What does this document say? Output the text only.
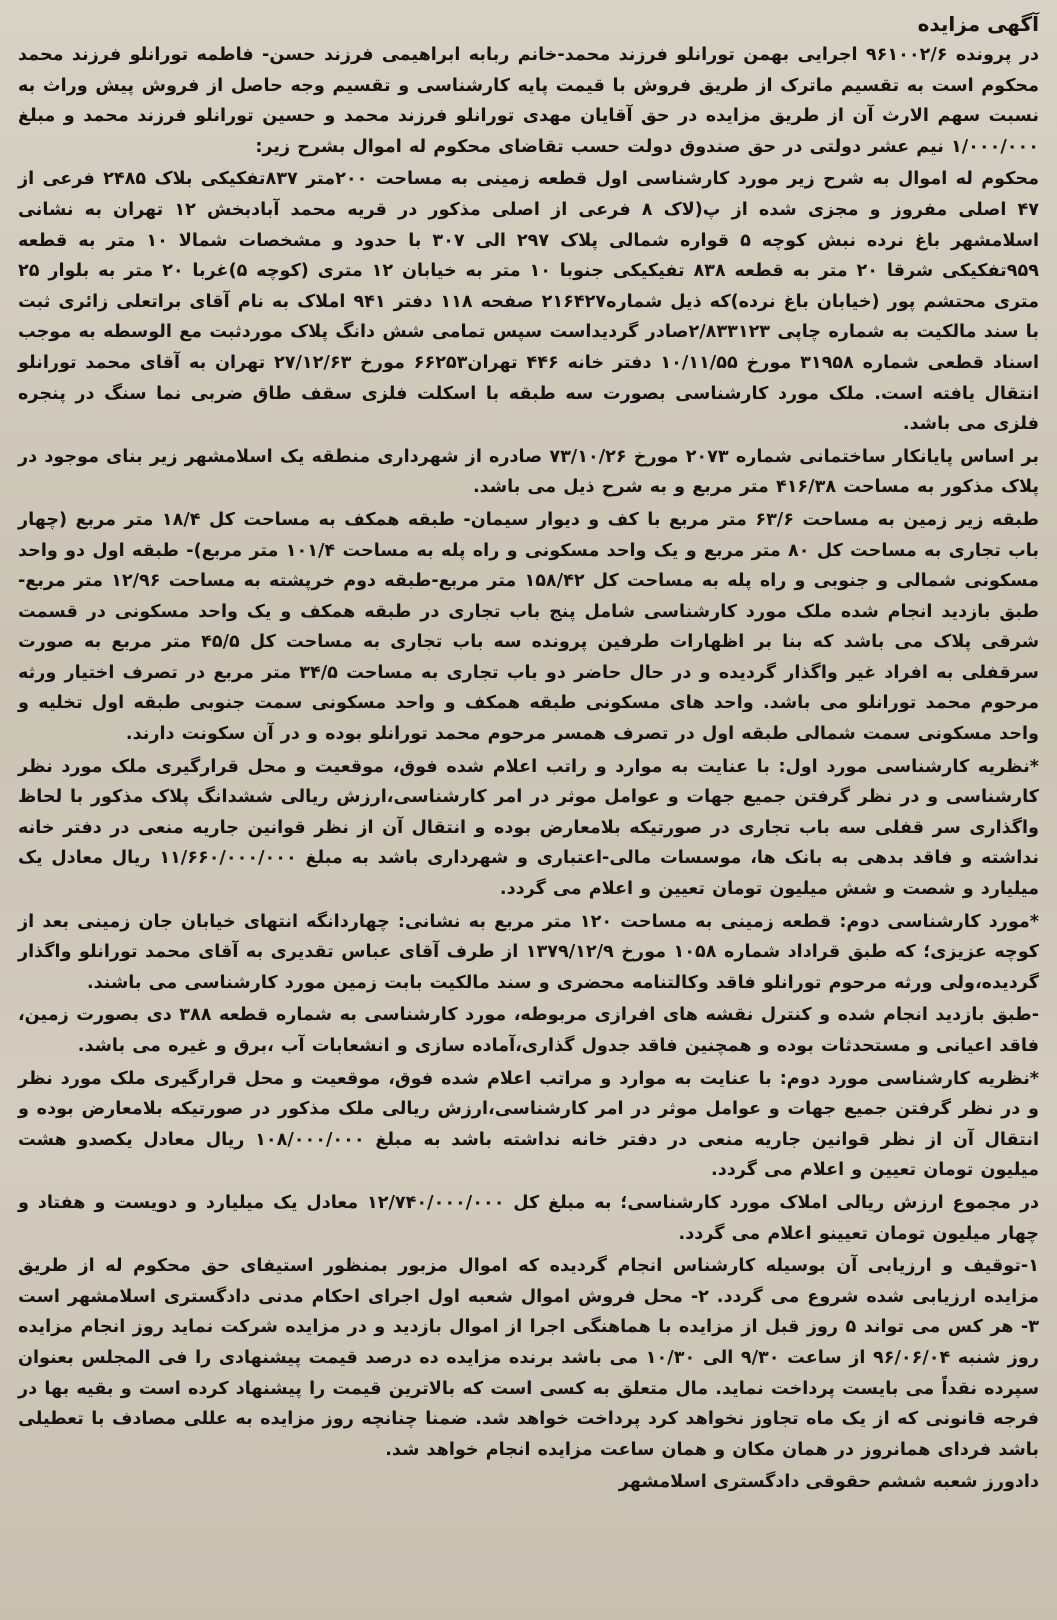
آگهی مزایده

در پرونده ۹۶۱۰۰۲/۶ اجرایی بهمن تورانلو فرزند محمد-خانم ربابه ابراهیمی فرزند حسن- فاطمه تورانلو فرزند محمد محکوم است به تقسیم ماترک از طریق فروش با قیمت پایه کارشناسی و تقسیم وجه حاصل از فروش پیش وراث به نسبت سهم الارث آن از طریق مزایده در حق آقایان مهدی تورانلو فرزند محمد و حسین تورانلو فرزند محمد و مبلغ ۱/۰۰۰/۰۰۰ نیم عشر دولتی در حق صندوق دولت حسب تقاضای محکوم له اموال بشرح زیر:

محکوم له اموال به شرح زیر مورد کارشناسی اول قطعه زمینی به مساحت ۲۰۰متر ۸۳۷تفکیکی بلاک ۲۴۸۵ فرعی از ۴۷ اصلی مفروز و مجزی شده از پ(لاک ۸ فرعی از اصلی مذکور در قریه محمد آبادبخش ۱۲ تهران به نشانی اسلامشهر باغ نرده نبش کوچه ۵ قواره شمالی پلاک ۲۹۷ الی ۳۰۷ با حدود و مشخصات شمالا ۱۰ متر به قطعه ۹۵۹تفکیکی شرقا ۲۰ متر به قطعه ۸۳۸ تفیکیکی جنوبا ۱۰ متر به خیابان ۱۲ متری (کوچه ۵)غربا ۲۰ متر به بلوار ۲۵ متری محتشم پور (خیابان باغ نرده)که ذیل شماره۲۱۶۴۲۷ صفحه ۱۱۸ دفتر ۹۴۱ املاک به نام آقای براتعلی زائری ثبت با سند مالکیت به شماره چاپی ۲/۸۳۳۱۲۳صادر گردیداست سپس تمامی شش دانگ پلاک موردثبت مع الوسطه به موجب اسناد قطعی شماره ۳۱۹۵۸ مورخ ۱۰/۱۱/۵۵ دفتر خانه ۴۴۶ تهران۶۶۲۵۳ مورخ ۲۷/۱۲/۶۳ تهران به آقای محمد تورانلو انتقال یافته است. ملک مورد کارشناسی بصورت سه طبقه با اسکلت فلزی سقف طاق ضربی نما سنگ در پنجره فلزی می باشد.

بر اساس پایانکار ساختمانی شماره ۲۰۷۳ مورخ ۷۳/۱۰/۲۶ صادره از شهرداری منطقه یک اسلامشهر زیر بنای موجود در پلاک مذکور به مساحت ۴۱۶/۳۸ متر مربع و به شرح ذیل می باشد.

طبقه زیر زمین به مساحت ۶۳/۶ متر مربع با کف و دیوار سیمان- طبقه همکف به مساحت کل ۱۸/۴ متر مربع (چهار باب تجاری به مساحت کل ۸۰ متر مربع و یک واحد مسکونی و راه پله به مساحت ۱۰۱/۴ متر مربع)- طبقه اول دو واحد مسکونی شمالی و جنوبی و راه پله به مساحت کل ۱۵۸/۴۲ متر مربع-طبقه دوم خرپشته به مساحت ۱۲/۹۶ متر مربع-طبق بازدید انجام شده ملک مورد کارشناسی شامل پنج باب تجاری در طبقه همکف و یک واحد مسکونی در قسمت شرقی پلاک می باشد که بنا بر اظهارات طرفین پرونده سه باب تجاری به مساحت کل ۴۵/۵ متر مربع به صورت سرقفلی به افراد غیر واگذار گردیده و در حال حاضر دو باب تجاری به مساحت ۳۴/۵ متر مربع در تصرف اختیار ورثه مرحوم محمد تورانلو می باشد. واحد های مسکونی طبقه همکف و واحد مسکونی سمت جنوبی طبقه اول تخلیه و واحد مسکونی سمت شمالی طبقه اول در تصرف همسر مرحوم محمد تورانلو بوده و در آن سکونت دارند.

*نظریه کارشناسی مورد اول: با عنایت به موارد و راتب اعلام شده فوق، موقعیت و محل قرارگیری ملک مورد نظر کارشناسی و در نظر گرفتن جمیع جهات و عوامل موثر در امر کارشناسی،ارزش ریالی ششدانگ پلاک مذکور با لحاظ واگذاری سر قفلی سه باب تجاری در صورتیکه بلامعارض بوده و انتقال آن از نظر قوانین جاریه منعی در دفتر خانه نداشته و فاقد بدهی به بانک ها، موسسات مالی-اعتباری و شهرداری باشد به مبلغ ۱۱/۶۶۰/۰۰۰/۰۰۰ ریال معادل یک میلیارد و شصت و شش میلیون تومان تعیین و اعلام می گردد.

*مورد کارشناسی دوم: قطعه زمینی به مساحت ۱۲۰ متر مربع به نشانی: چهاردانگه انتهای خیابان جان زمینی بعد از کوچه عزیزی؛ که طبق قراداد شماره ۱۰۵۸ مورخ ۱۳۷۹/۱۲/۹ از طرف آقای عباس تقدیری به آقای محمد تورانلو واگذار گردیده،ولی ورثه مرحوم تورانلو فاقد وکالتنامه محضری و سند مالکیت بابت زمین مورد کارشناسی می باشند.

-طبق بازدید انجام شده و کنترل نقشه های افرازی مربوطه، مورد کارشناسی به شماره قطعه ۳۸۸ دی بصورت زمین، فاقد اعیانی و مستحدثات بوده و همچنین فاقد جدول گذاری،آماده سازی و انشعابات آب ،برق و غیره می باشد.

*نظریه کارشناسی مورد دوم: با عنایت به موارد و مراتب اعلام شده فوق، موقعیت و محل قرارگیری ملک مورد نظر و در نظر گرفتن جمیع جهات و عوامل موثر در امر کارشناسی،ارزش ریالی ملک مذکور در صورتیکه بلامعارض بوده و انتقال آن از نظر قوانین جاریه منعی در دفتر خانه نداشته باشد به مبلغ ۱۰۸/۰۰۰/۰۰۰ ریال معادل یکصدو هشت میلیون تومان تعیین و اعلام می گردد.

در مجموع ارزش ریالی املاک مورد کارشناسی؛ به مبلغ کل ۱۲/۷۴۰/۰۰۰/۰۰۰ معادل یک میلیارد و دویست و هفتاد و چهار میلیون تومان تعیینو اعلام می گردد.

۱-توقیف و ارزیابی آن بوسیله کارشناس انجام گردیده که اموال مزبور بمنظور استیفای حق محکوم له از طریق مزایده ارزیابی شده شروع می گردد. ۲- محل فروش اموال شعبه اول اجرای احکام مدنی دادگستری اسلامشهر است ۳- هر کس می تواند ۵ روز قبل از مزایده با هماهنگی اجرا از اموال بازدید و در مزایده شرکت نماید روز انجام مزایده روز شنبه ۹۶/۰۶/۰۴ از ساعت ۹/۳۰ الی ۱۰/۳۰ می باشد برنده مزایده ده درصد قیمت پیشنهادی را فی المجلس بعنوان سپرده نقداً می بایست پرداخت نماید. مال متعلق به کسی است که بالاترین قیمت را پیشنهاد کرده است و بقیه بها در فرجه قانونی که از یک ماه تجاوز نخواهد کرد پرداخت خواهد شد. ضمنا چنانچه روز مزایده به عللی مصادف با تعطیلی باشد فردای همانروز در همان مکان و همان ساعت مزایده انجام خواهد شد.

دادورز شعبه ششم حقوقی دادگستری اسلامشهر
